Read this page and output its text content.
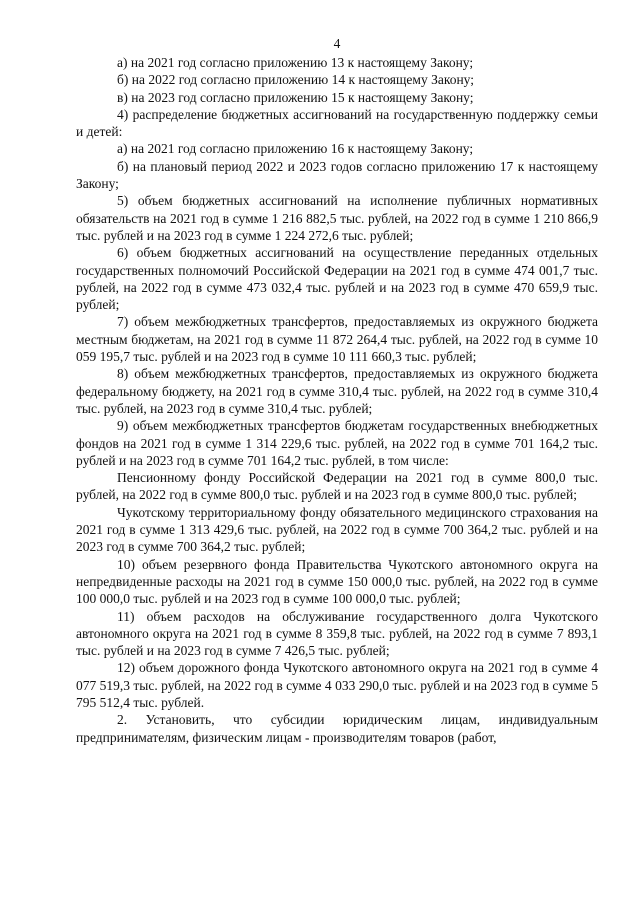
4

а) на 2021 год согласно приложению 13 к настоящему Закону;

б) на 2022 год согласно приложению 14 к настоящему Закону;

в) на 2023 год согласно приложению 15 к настоящему Закону;

4) распределение бюджетных ассигнований на государственную поддержку семьи и детей:

а) на 2021 год согласно приложению 16 к настоящему Закону;

б) на плановый период 2022 и 2023 годов согласно приложению 17 к настоящему Закону;

5) объем бюджетных ассигнований на исполнение публичных нормативных обязательств на 2021 год в сумме 1 216 882,5 тыс. рублей, на 2022 год в сумме 1 210 866,9 тыс. рублей и на 2023 год в сумме 1 224 272,6 тыс. рублей;

6) объем бюджетных ассигнований на осуществление переданных отдельных государственных полномочий Российской Федерации на 2021 год в сумме 474 001,7 тыс. рублей, на 2022 год в сумме 473 032,4 тыс. рублей и на 2023 год в сумме 470 659,9 тыс. рублей;

7) объем межбюджетных трансфертов, предоставляемых из окружного бюджета местным бюджетам, на 2021 год в сумме 11 872 264,4 тыс. рублей, на 2022 год в сумме 10 059 195,7 тыс. рублей и на 2023 год в сумме 10 111 660,3 тыс. рублей;

8) объем межбюджетных трансфертов, предоставляемых из окружного бюджета федеральному бюджету, на 2021 год в сумме 310,4 тыс. рублей, на 2022 год в сумме 310,4 тыс. рублей, на 2023 год в сумме 310,4 тыс. рублей;

9) объем межбюджетных трансфертов бюджетам государственных внебюджетных фондов на 2021 год в сумме 1 314 229,6 тыс. рублей, на 2022 год в сумме 701 164,2 тыс. рублей и на 2023 год в сумме 701 164,2 тыс. рублей, в том числе:

Пенсионному фонду Российской Федерации на 2021 год в сумме 800,0 тыс. рублей, на 2022 год в сумме 800,0 тыс. рублей и на 2023 год в сумме 800,0 тыс. рублей;

Чукотскому территориальному фонду обязательного медицинского страхования на 2021 год в сумме 1 313 429,6 тыс. рублей, на 2022 год в сумме 700 364,2 тыс. рублей и на 2023 год в сумме 700 364,2 тыс. рублей;

10) объем резервного фонда Правительства Чукотского автономного округа на непредвиденные расходы на 2021 год в сумме 150 000,0 тыс. рублей, на 2022 год в сумме 100 000,0 тыс. рублей и на 2023 год в сумме 100 000,0 тыс. рублей;

11) объем расходов на обслуживание государственного долга Чукотского автономного округа на 2021 год в сумме 8 359,8 тыс. рублей, на 2022 год в сумме 7 893,1 тыс. рублей и на 2023 год в сумме 7 426,5 тыс. рублей;

12) объем дорожного фонда Чукотского автономного округа на 2021 год в сумме 4 077 519,3 тыс. рублей, на 2022 год в сумме 4 033 290,0 тыс. рублей и на 2023 год в сумме 5 795 512,4 тыс. рублей.

2. Установить, что субсидии юридическим лицам, индивидуальным предпринимателям, физическим лицам - производителям товаров (работ,
